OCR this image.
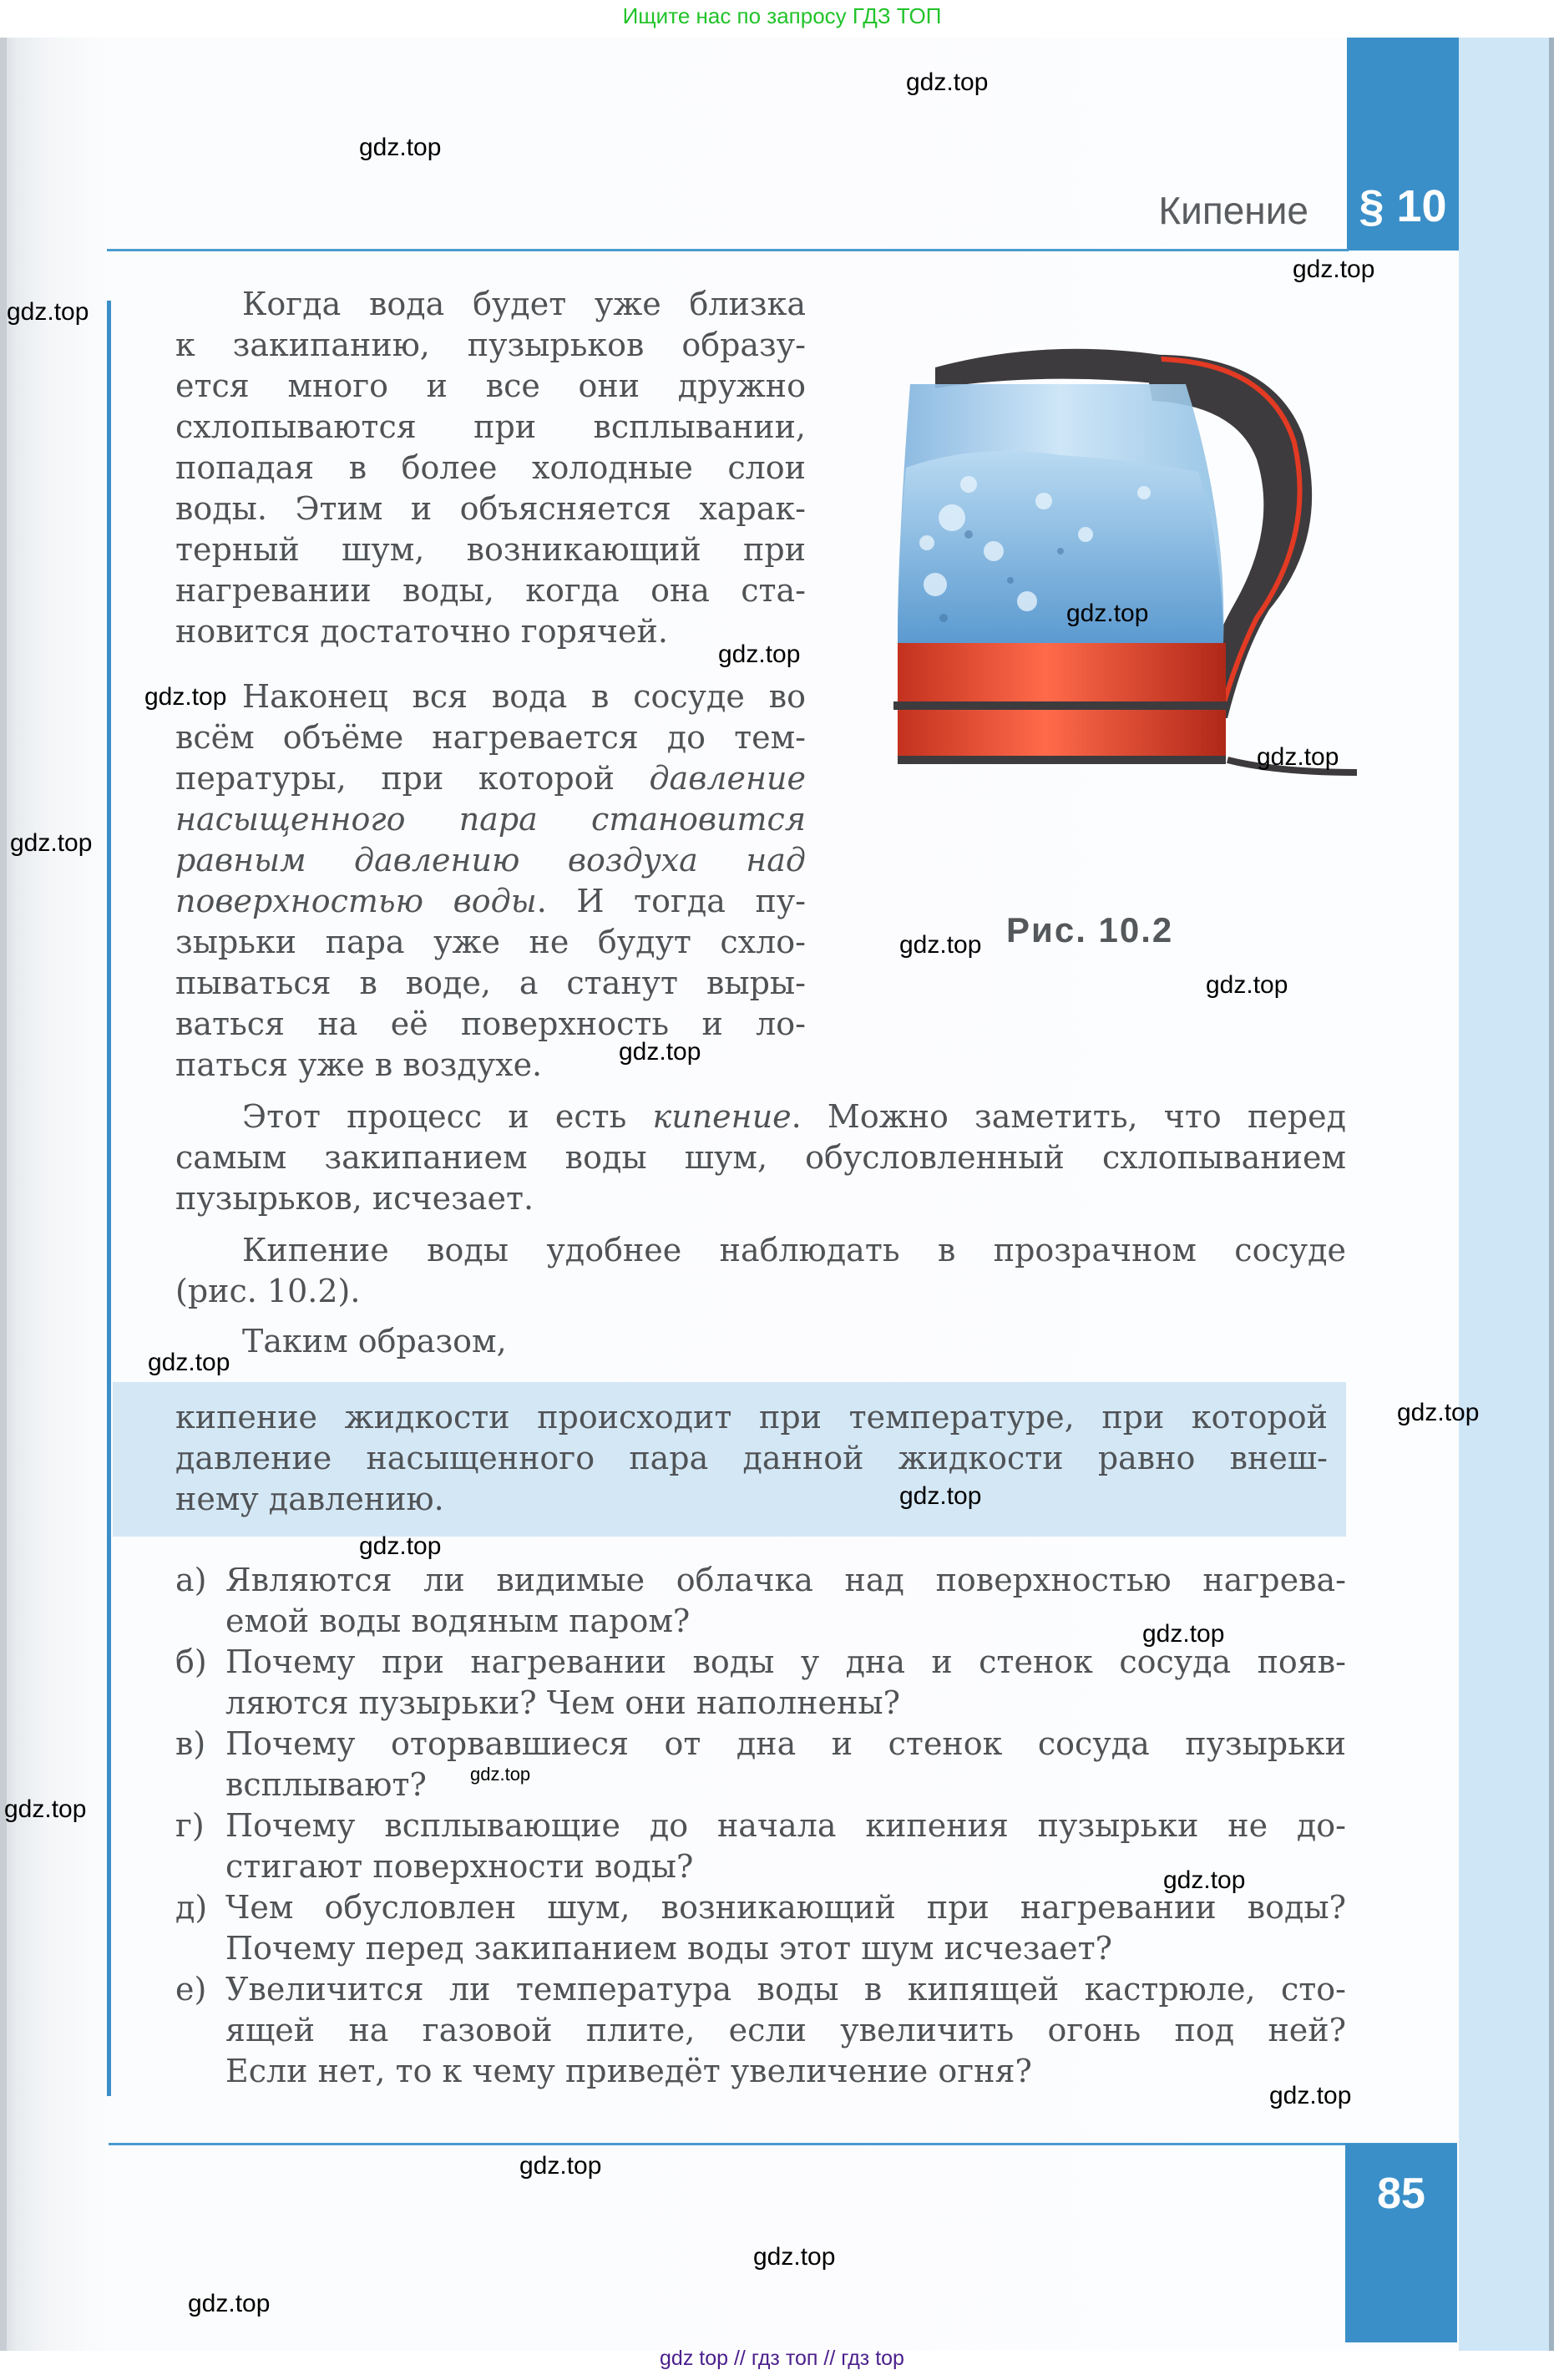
Ищите нас по запросу ГДЗ ТОП
Кипение § 10
Когда вода будет уже близка
к закипанию, пузырьков образу-
ется много и все они дружно
схлопываются при всплывании,
попадая в более холодные слои
воды. Этим и объясняется харак-
терный шум, возникающий при
нагревании воды, когда она ста-
новится достаточно горячей.
Наконец вся вода в сосуде во
всём объёме нагревается до тем-
пературы, при которой давление
насыщенного пара становится
равным давлению воздуха над
поверхностью воды. И тогда пу-
зырьки пара уже не будут схло-
пываться в воде, а станут выры-
ваться на её поверхность и ло-
паться уже в воздухе.
Рис. 10.2
Этот процесс и есть кипение. Можно заметить, что перед
самым закипанием воды шум, обусловленный схлопыванием
пузырьков, исчезает.
Кипение воды удобнее наблюдать в прозрачном сосуде
(рис. 10.2).
Таким образом,
кипение жидкости происходит при температуре, при которой
давление насыщенного пара данной жидкости равно внеш-
нему давлению.
а) Являются ли видимые облачка над поверхностью нагрева-
емой воды водяным паром?
б) Почему при нагревании воды у дна и стенок сосуда появ-
ляются пузырьки? Чем они наполнены?
в) Почему оторвавшиеся от дна и стенок сосуда пузырьки
всплывают?
г) Почему всплывающие до начала кипения пузырьки не до-
стигают поверхности воды?
д) Чем обусловлен шум, возникающий при нагревании воды?
Почему перед закипанием воды этот шум исчезает?
е) Увеличится ли температура воды в кипящей кастрюле, сто-
ящей на газовой плите, если увеличить огонь под ней?
Если нет, то к чему приведёт увеличение огня?
85
gdz.top
gdz.top
gdz.top
gdz.top
gdz.top
gdz.top
gdz.top
gdz.top
gdz.top
gdz.top
gdz.top
gdz.top
gdz.top
gdz.top
gdz.top
gdz.top
gdz.top
gdz.top
gdz.top
gdz.top
gdz.top
gdz.top
gdz.top
gdz.top
gdz top // гдз топ // гдз top
